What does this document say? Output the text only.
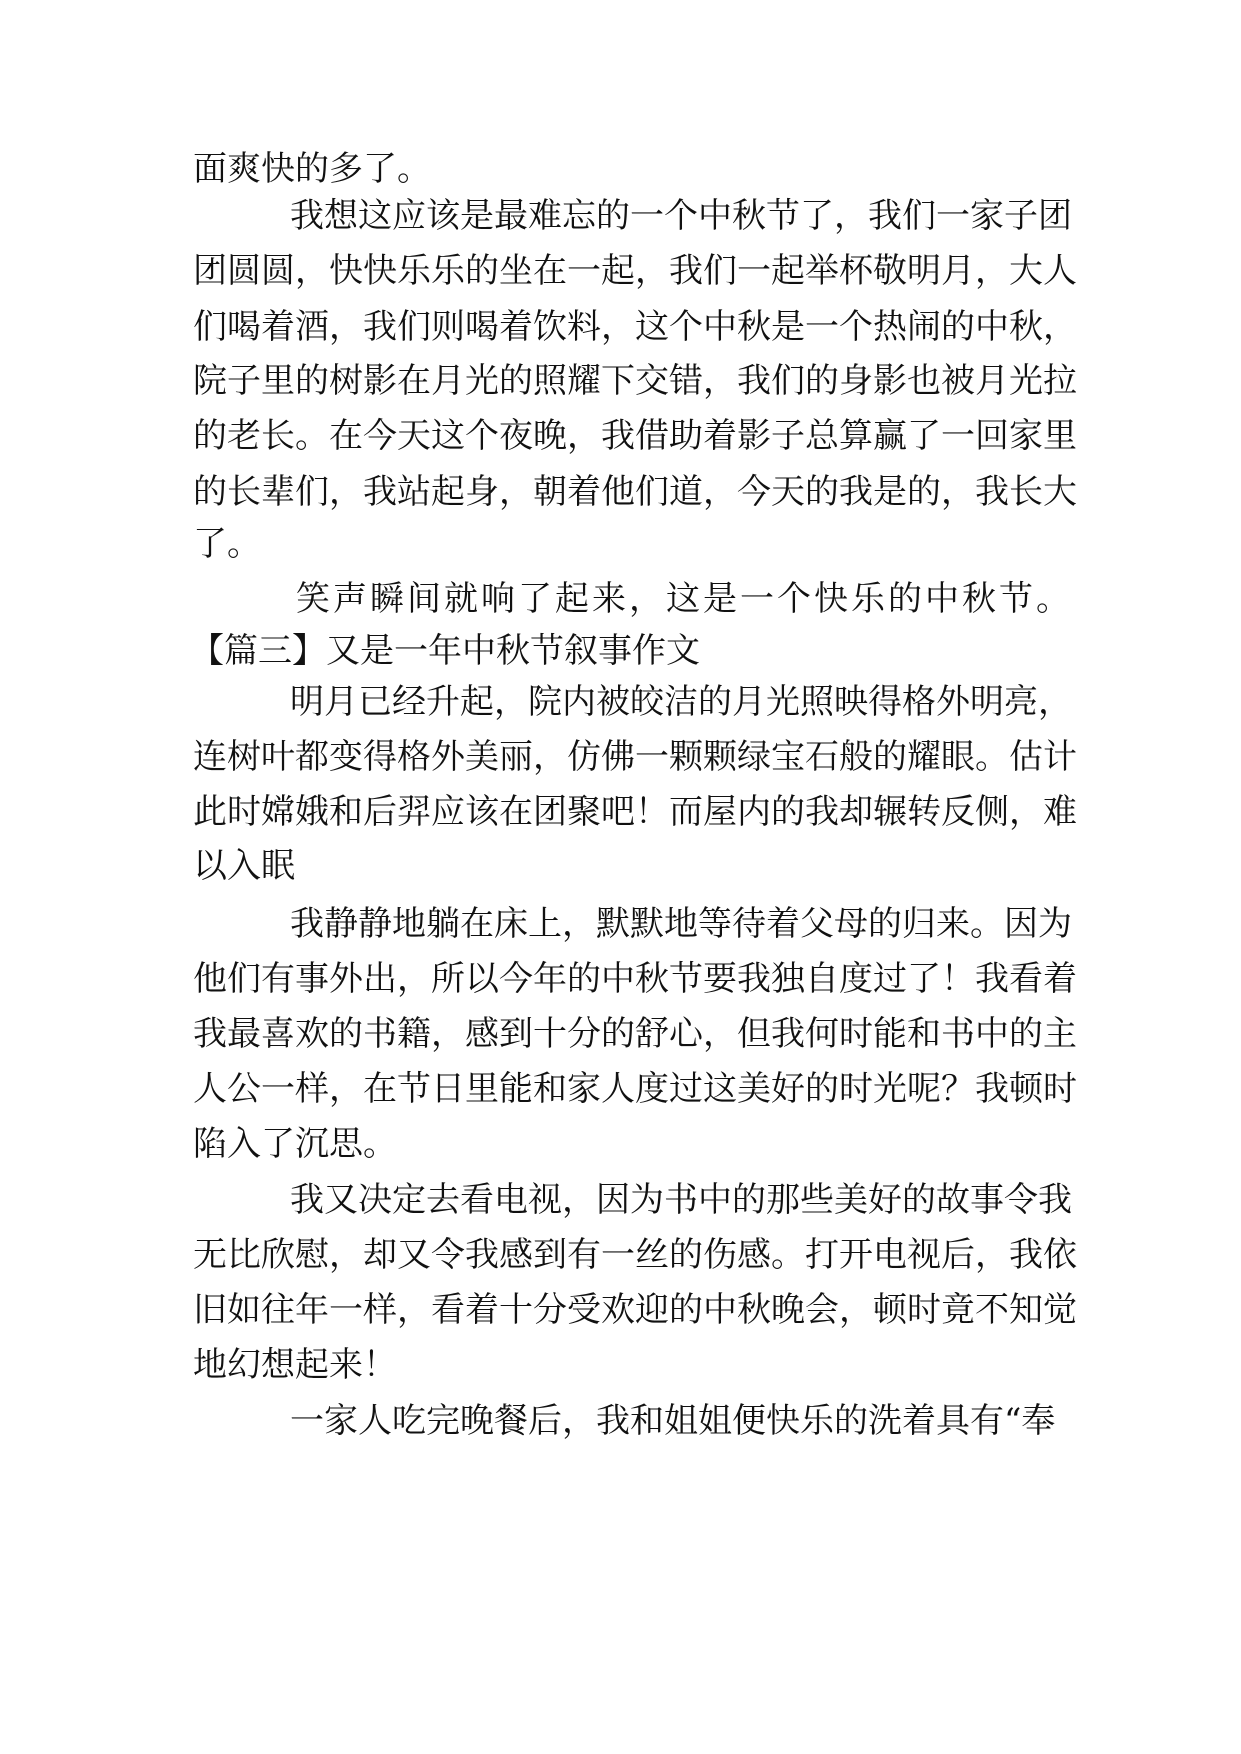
面爽快的多了。
我想这应该是最难忘的一个中秋节了，我们一家子团
团圆圆，快快乐乐的坐在一起，我们一起举杯敬明月，大人
们喝着酒，我们则喝着饮料，这个中秋是一个热闹的中秋，
院子里的树影在月光的照耀下交错，我们的身影也被月光拉
的老长。在今天这个夜晚，我借助着影子总算赢了一回家里
的长辈们，我站起身，朝着他们道，今天的我是的，我长大
了。
笑声瞬间就响了起来，这是一个快乐的中秋节。
【篇三】又是一年中秋节叙事作文
明月已经升起，院内被皎洁的月光照映得格外明亮，
连树叶都变得格外美丽，仿佛一颗颗绿宝石般的耀眼。估计
此时嫦娥和后羿应该在团聚吧！而屋内的我却辗转反侧，难
以入眠
我静静地躺在床上，默默地等待着父母的归来。因为
他们有事外出，所以今年的中秋节要我独自度过了！我看着
我最喜欢的书籍，感到十分的舒心，但我何时能和书中的主
人公一样，在节日里能和家人度过这美好的时光呢？我顿时
陷入了沉思。
我又决定去看电视，因为书中的那些美好的故事令我
无比欣慰，却又令我感到有一丝的伤感。打开电视后，我依
旧如往年一样，看着十分受欢迎的中秋晚会，顿时竟不知觉
地幻想起来！
一家人吃完晚餐后，我和姐姐便快乐的洗着具有“奉
